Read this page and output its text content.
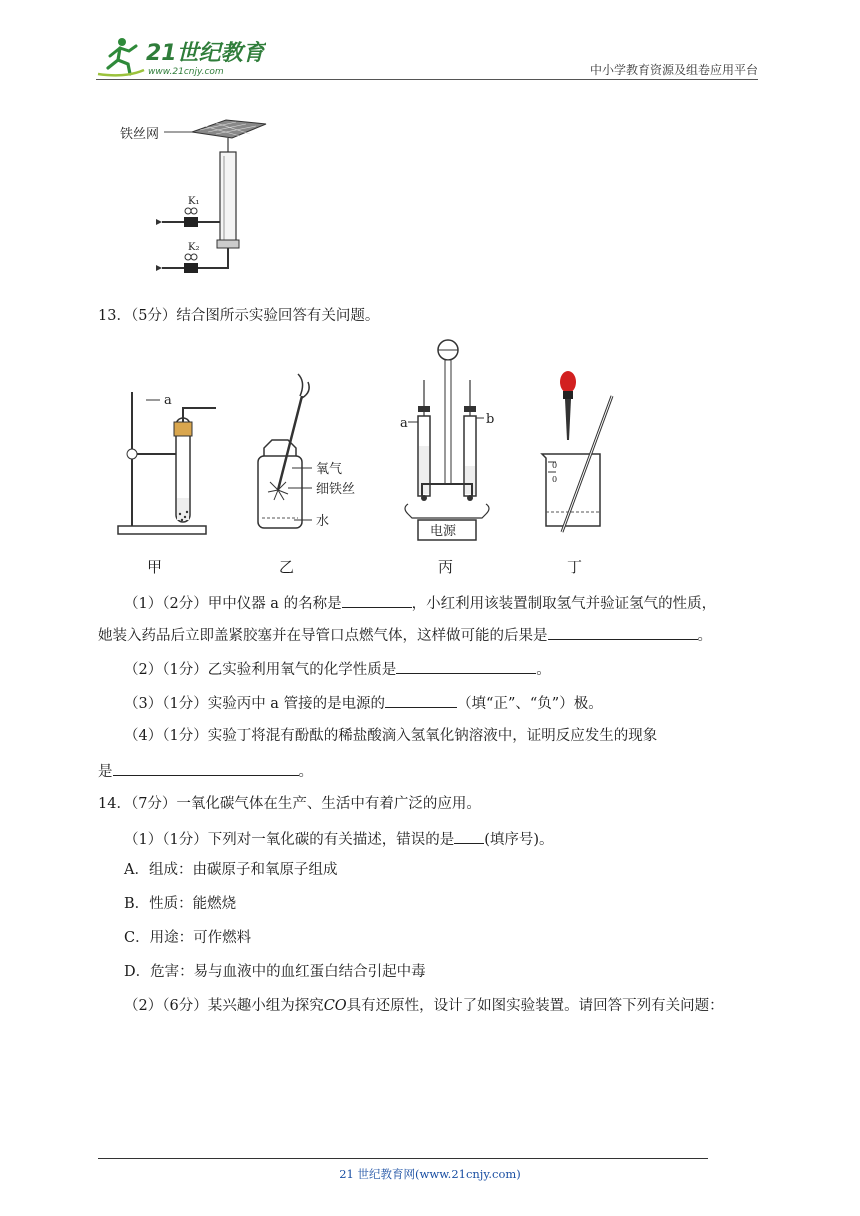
21世纪教育
www.21cnjy.com	中小学教育资源及组卷应用平台
铁丝网
K₁
K₂
13．（5分）结合图所示实验回答有关问题。
a
氧气
细铁丝
水
电源
a	b
0
0
甲	乙	丙	丁
（1）（2分）甲中仪器 a 的名称是	，小红利用该装置制取氢气并验证氢气的性质，
她装入药品后立即盖紧胶塞并在导管口点燃气体，这样做可能的后果是	。
（2）（1分）乙实验利用氧气的化学性质是	。
（3）（1分）实验丙中 a 管接的是电源的	（填“正”、“负”）极。
（4）（1分）实验丁将混有酚酞的稀盐酸滴入氢氧化钠溶液中，证明反应发生的现象
是	。
14．（7分）一氧化碳气体在生产、生活中有着广泛的应用。
（1）（1分）下列对一氧化碳的有关描述，错误的是 (填序号)。
A．组成：由碳原子和氧原子组成
B．性质：能燃烧
C．用途：可作燃料
D．危害：易与血液中的血红蛋白结合引起中毒
（2）（6分）某兴趣小组为探究CO具有还原性，设计了如图实验装置。请回答下列有关问题：
21 世纪教育网(www.21cnjy.com)
